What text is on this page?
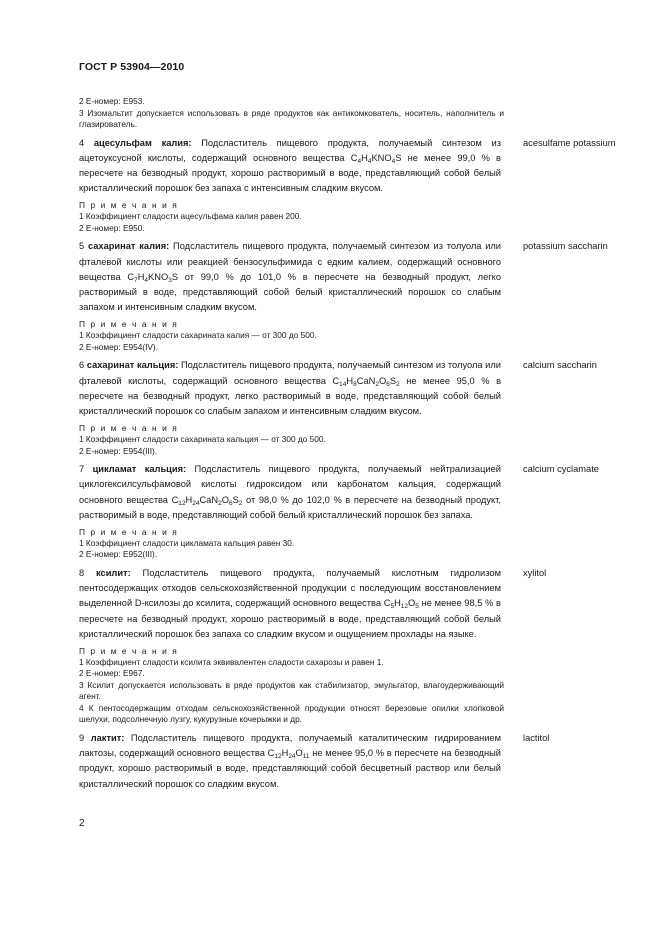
ГОСТ Р 53904—2010
2 Е-номер: Е953.
3 Изомальтит допускается использовать в ряде продуктов как антикомкователь, носитель, наполнитель и глазирователь.
4 ацесульфам калия: Подсластитель пищевого продукта, получаемый синтезом из ацетоуксусной кислоты, содержащий основного вещества $C_4H_4KNO_4S$ не менее 99,0 % в пересчете на безводный продукт, хорошо растворимый в воде, представляющий собой белый кристаллический порошок без запаха с интенсивным сладким вкусом.
acesulfame potassium
П р и м е ч а н и я
1 Коэффициент сладости ацесульфама калия равен 200.
2 Е-номер: Е950.
5 сахаринат калия: Подсластитель пищевого продукта, получаемый синтезом из толуола или фталевой кислоты или реакцией бензосульфимида с едким калием, содержащий основного вещества $C_7H_4KNO_3S$ от 99,0 % до 101,0 % в пересчете на безводный продукт, легко растворимый в воде, представляющий собой белый кристаллический порошок со слабым запахом и интенсивным сладким вкусом.
potassium saccharin
П р и м е ч а н и я
1 Коэффициент сладости сахарината калия — от 300 до 500.
2 Е-номер: Е954(IV).
6 сахаринат кальция: Подсластитель пищевого продукта, получаемый синтезом из толуола или фталевой кислоты, содержащий основного вещества $C_{14}H_8CaN_2O_6S_2$ не менее 95,0 % в пересчете на безводный продукт, легко растворимый в воде, представляющий собой белый кристаллический порошок со слабым запахом и интенсивным сладким вкусом.
calcium saccharin
П р и м е ч а н и я
1 Коэффициент сладости сахарината кальция — от 300 до 500.
2 Е-номер: Е954(III).
7 цикламат кальция: Подсластитель пищевого продукта, получаемый нейтрализацией циклогексилсульфамовой кислоты гидроксидом или карбонатом кальция, содержащий основного вещества $C_{12}H_{24}CaN_2O_6S_2$ от 98,0 % до 102,0 % в пересчете на безводный продукт, растворимый в воде, представляющий собой белый кристаллический порошок без запаха.
calcium cyclamate
П р и м е ч а н и я
1 Коэффициент сладости цикламата кальция равен 30.
2 Е-номер: Е952(III).
8 ксилит: Подсластитель пищевого продукта, получаемый кислотным гидролизом пентосодержащих отходов сельскохозяйственной продукции с последующим восстановлением выделенной D-ксилозы до ксилита, содержащий основного вещества $C_5H_{12}O_5$ не менее 98,5 % в пересчете на безводный продукт, хорошо растворимый в воде, представляющий собой белый кристаллический порошок без запаха со сладким вкусом и ощущением прохлады на языке.
xylitol
П р и м е ч а н и я
1 Коэффициент сладости ксилита эквивалентен сладости сахарозы и равен 1.
2 Е-номер: Е967.
3 Ксилит допускается использовать в ряде продуктов как стабилизатор, эмульгатор, влагоудерживающий агент.
4 К пентосодержащим отходам сельскохозяйственной продукции относят березовые опилки хлопковой шелухи, подсолнечную лузгу, кукурузные кочерыжки и др.
9 лактит: Подсластитель пищевого продукта, получаемый каталитическим гидрированием лактозы, содержащий основного вещества $C_{12}H_{24}O_{11}$ не менее 95,0 % в пересчете на безводный продукт, хорошо растворимый в воде, представляющий собой бесцветный раствор или белый кристаллический порошок со сладким вкусом.
lactitol
2
